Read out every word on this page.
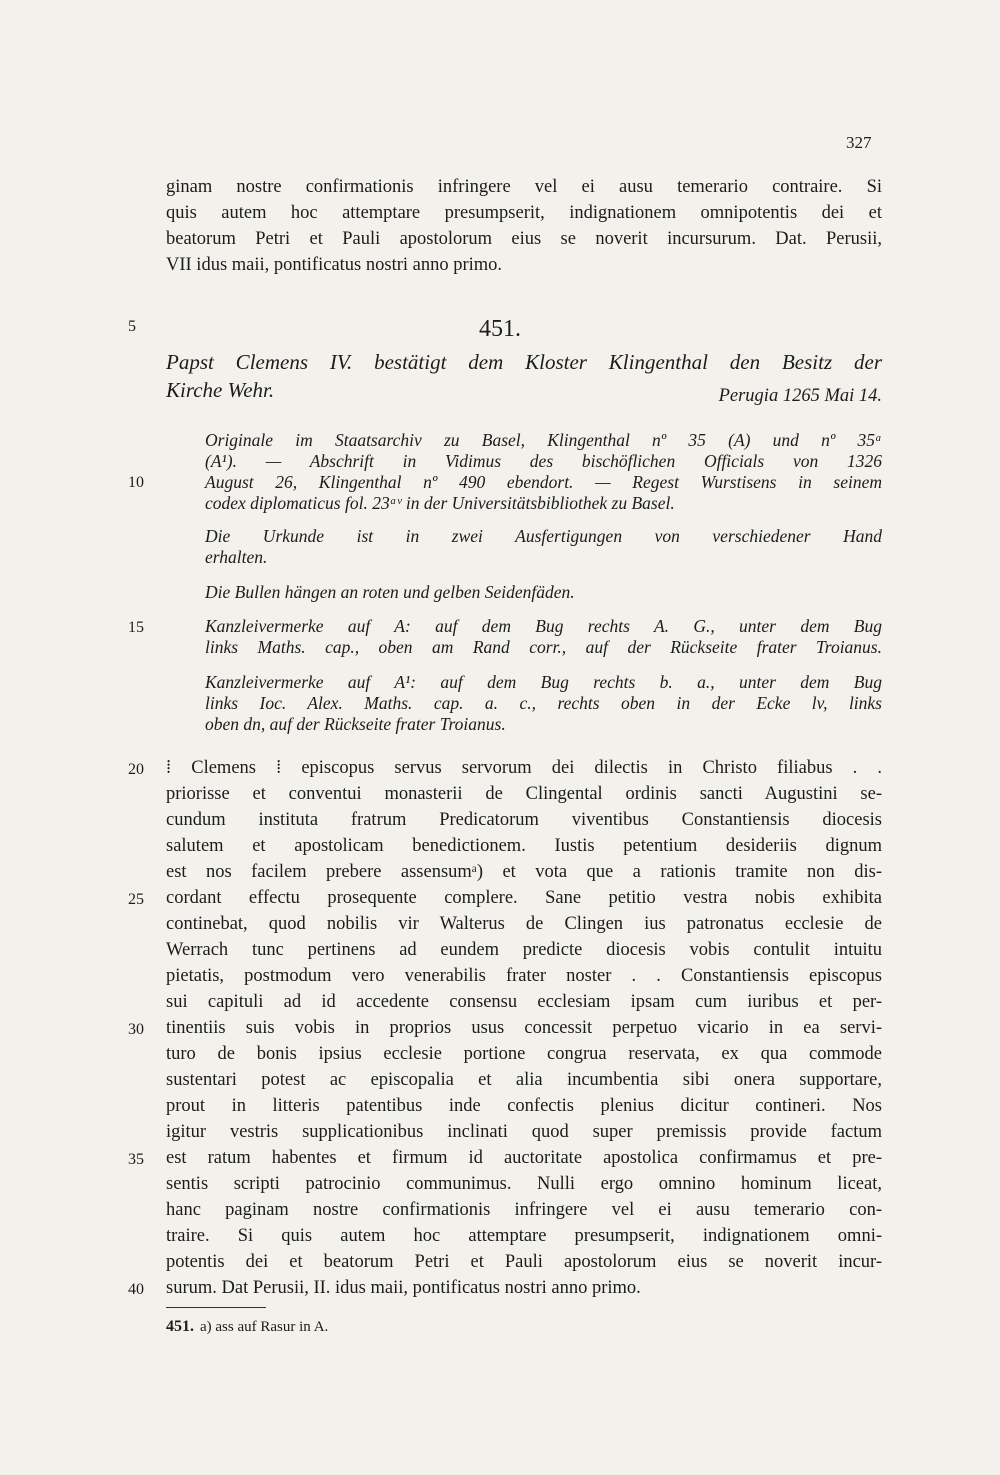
327
ginam nostre confirmationis infringere vel ei ausu temerario contraire. Si
quis autem hoc attemptare presumpserit, indignationem omnipotentis dei et
beatorum Petri et Pauli apostolorum eius se noverit incursurum. Dat. Perusii,
VII idus maii, pontificatus nostri anno primo.
5	451.
Papst Clemens IV. bestätigt dem Kloster Klingenthal den Besitz der
Kirche Wehr.	Perugia 1265 Mai 14.
Originale im Staatsarchiv zu Basel, Klingenthal nº 35 (A) und nº 35ᵃ
(A¹). — Abschrift in Vidimus des bischöflichen Officials von 1326
10	August 26, Klingenthal nº 490 ebendort. — Regest Wurstisens in seinem
codex diplomaticus fol. 23ᵃᵛ in der Universitätsbibliothek zu Basel.
Die Urkunde ist in zwei Ausfertigungen von verschiedener Hand
erhalten.
Die Bullen hängen an roten und gelben Seidenfäden.
15	Kanzleivermerke auf A: auf dem Bug rechts A. G., unter dem Bug
links Maths. cap., oben am Rand corr., auf der Rückseite frater Troianus.
Kanzleivermerke auf A¹: auf dem Bug rechts b. a., unter dem Bug
links Ioc. Alex. Maths. cap. a. c., rechts oben in der Ecke lv, links
oben dn, auf der Rückseite frater Troianus.
20	⁞ Clemens ⁞ episcopus servus servorum dei dilectis in Christo filiabus . .
priorisse et conventui monasterii de Clingental ordinis sancti Augustini se-
cundum instituta fratrum Predicatorum viventibus Constantiensis diocesis
salutem et apostolicam benedictionem. Iustis petentium desideriis dignum
est nos facilem prebere assensumᵃ) et vota que a rationis tramite non dis-
25	cordant effectu prosequente complere. Sane petitio vestra nobis exhibita
continebat, quod nobilis vir Walterus de Clingen ius patronatus ecclesie de
Werrach tunc pertinens ad eundem predicte diocesis vobis contulit intuitu
pietatis, postmodum vero venerabilis frater noster . . Constantiensis episcopus
sui capituli ad id accedente consensu ecclesiam ipsam cum iuribus et per-
30	tinentiis suis vobis in proprios usus concessit perpetuo vicario in ea servi-
turo de bonis ipsius ecclesie portione congrua reservata, ex qua commode
sustentari potest ac episcopalia et alia incumbentia sibi onera supportare,
prout in litteris patentibus inde confectis plenius dicitur contineri. Nos
igitur vestris supplicationibus inclinati quod super premissis provide factum
35	est ratum habentes et firmum id auctoritate apostolica confirmamus et pre-
sentis scripti patrocinio communimus. Nulli ergo omnino hominum liceat,
hanc paginam nostre confirmationis infringere vel ei ausu temerario con-
traire. Si quis autem hoc attemptare presumpserit, indignationem omni-
potentis dei et beatorum Petri et Pauli apostolorum eius se noverit incur-
40	surum. Dat Perusii, II. idus maii, pontificatus nostri anno primo.
451. a) ass auf Rasur in A.
